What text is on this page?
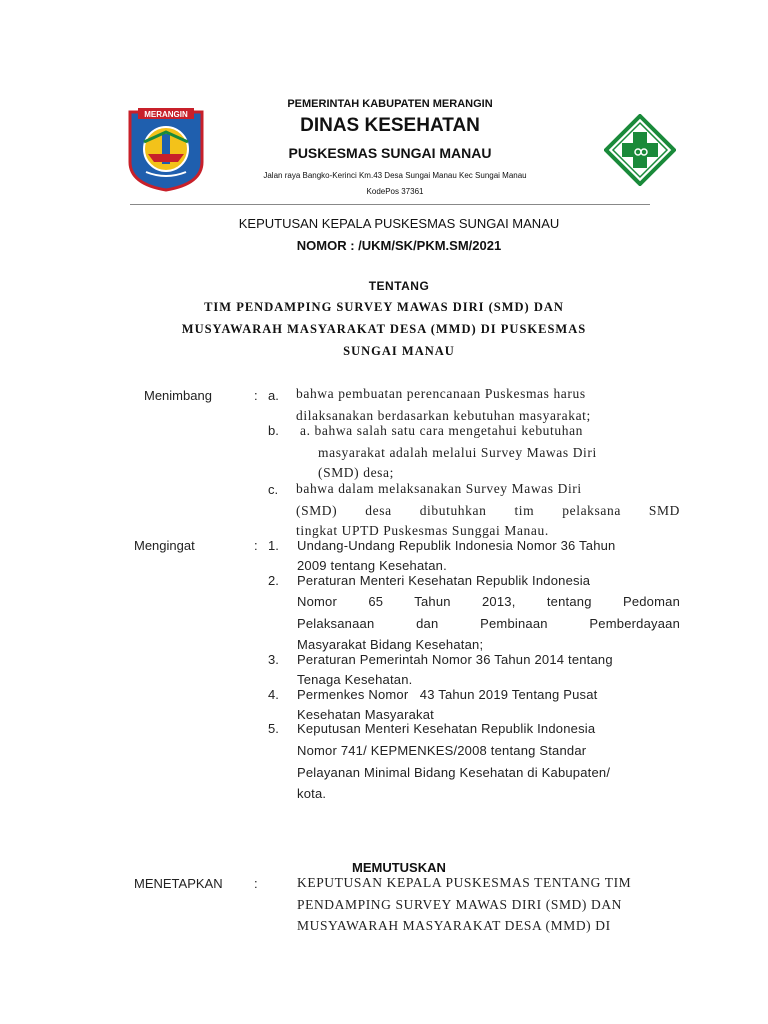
MERANGIN
PEMERINTAH KABUPATEN MERANGIN
DINAS KESEHATAN
PUSKESMAS SUNGAI MANAU
Jalan raya Bangko-Kerinci Km.43 Desa Sungai Manau Kec Sungai Manau
KodePos 37361
KEPUTUSAN KEPALA PUSKESMAS SUNGAI MANAU
NOMOR : /UKM/SK/PKM.SM/2021
TENTANG
TIM PENDAMPING SURVEY MAWAS DIRI (SMD) DAN
MUSYAWARAH MASYARAKAT DESA (MMD) DI PUSKESMAS
SUNGAI MANAU
Menimbang	: a. bahwa pembuatan perencanaan Puskesmas harus
dilaksanakan berdasarkan kebutuhan masyarakat;
b. a. bahwa salah satu cara mengetahui kebutuhan
masyarakat adalah melalui Survey Mawas Diri
(SMD) desa;
c. bahwa dalam melaksanakan Survey Mawas Diri
(SMD) desa dibutuhkan tim pelaksana SMD
tingkat UPTD Puskesmas Sunggai Manau.
Mengingat	: 1. Undang-Undang Republik Indonesia Nomor 36 Tahun
2009 tentang Kesehatan.
2. Peraturan Menteri Kesehatan Republik Indonesia
Nomor 65 Tahun 2013, tentang Pedoman
Pelaksanaan dan Pembinaan Pemberdayaan
Masyarakat Bidang Kesehatan;
3. Peraturan Pemerintah Nomor 36 Tahun 2014 tentang
Tenaga Kesehatan.
4. Permenkes Nomor   43 Tahun 2019 Tentang Pusat
Kesehatan Masyarakat
5. Keputusan Menteri Kesehatan Republik Indonesia
Nomor 741/ KEPMENKES/2008 tentang Standar
Pelayanan Minimal Bidang Kesehatan di Kabupaten/
kota.
MEMUTUSKAN
MENETAPKAN :	KEPUTUSAN KEPALA PUSKESMAS TENTANG TIM
PENDAMPING SURVEY MAWAS DIRI (SMD) DAN
MUSYAWARAH MASYARAKAT DESA (MMD) DI
